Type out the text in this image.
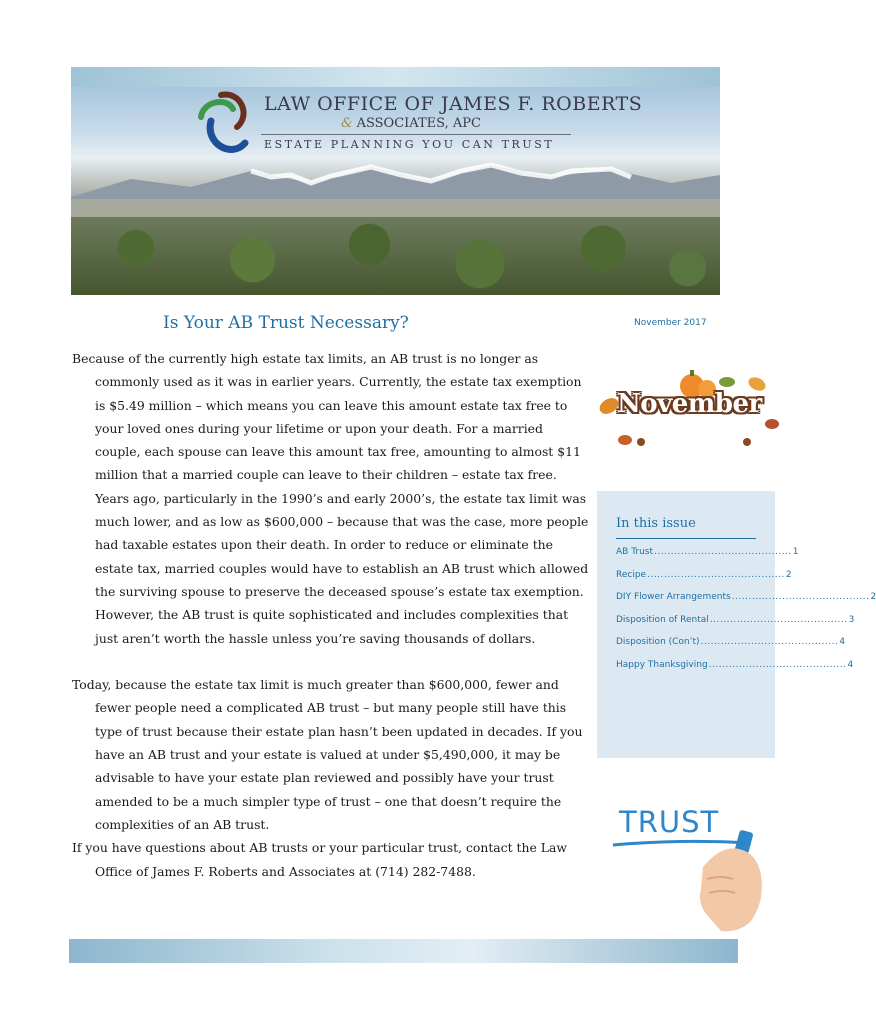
LAW OFFICE OF JAMES F. ROBERTS
& ASSOCIATES, APC
ESTATE PLANNING YOU CAN TRUST
Is Your AB Trust Necessary?	November 2017

Because of the currently high estate tax limits, an AB trust is no longer as commonly used as it was in earlier years. Currently, the estate tax exemption is $5.49 million – which means you can leave this amount estate tax free to your loved ones during your lifetime or upon your death. For a married couple, each spouse can leave this amount tax free, amounting to almost $11 million that a married couple can leave to their children – estate tax free. Years ago, particularly in the 1990’s and early 2000’s, the estate tax limit was much lower, and as low as $600,000 – because that was the case, more people had taxable estates upon their death. In order to reduce or eliminate the estate tax, married couples would have to establish an AB trust which allowed the surviving spouse to preserve the deceased spouse’s estate tax exemption. However, the AB trust is quite sophisticated and includes complexities that just aren’t worth the hassle unless you’re saving thousands of dollars.

Today, because the estate tax limit is much greater than $600,000, fewer and fewer people need a complicated AB trust – but many people still have this type of trust because their estate plan hasn’t been updated in decades. If you have an AB trust and your estate is valued at under $5,490,000, it may be advisable to have your estate plan reviewed and possibly have your trust amended to be a much simpler type of trust – one that doesn’t require the complexities of an AB trust.

If you have questions about AB trusts or your particular trust, contact the Law Office of James F. Roberts and Associates at (714) 282-7488.

November
In this issue
AB Trust ......................................... 1
Recipe ......................................... 2
DIY Flower Arrangements ......................................... 2
Disposition of Rental ......................................... 3
Disposition (Con’t) ......................................... 4
Happy Thanksgiving ......................................... 4
TRUST
